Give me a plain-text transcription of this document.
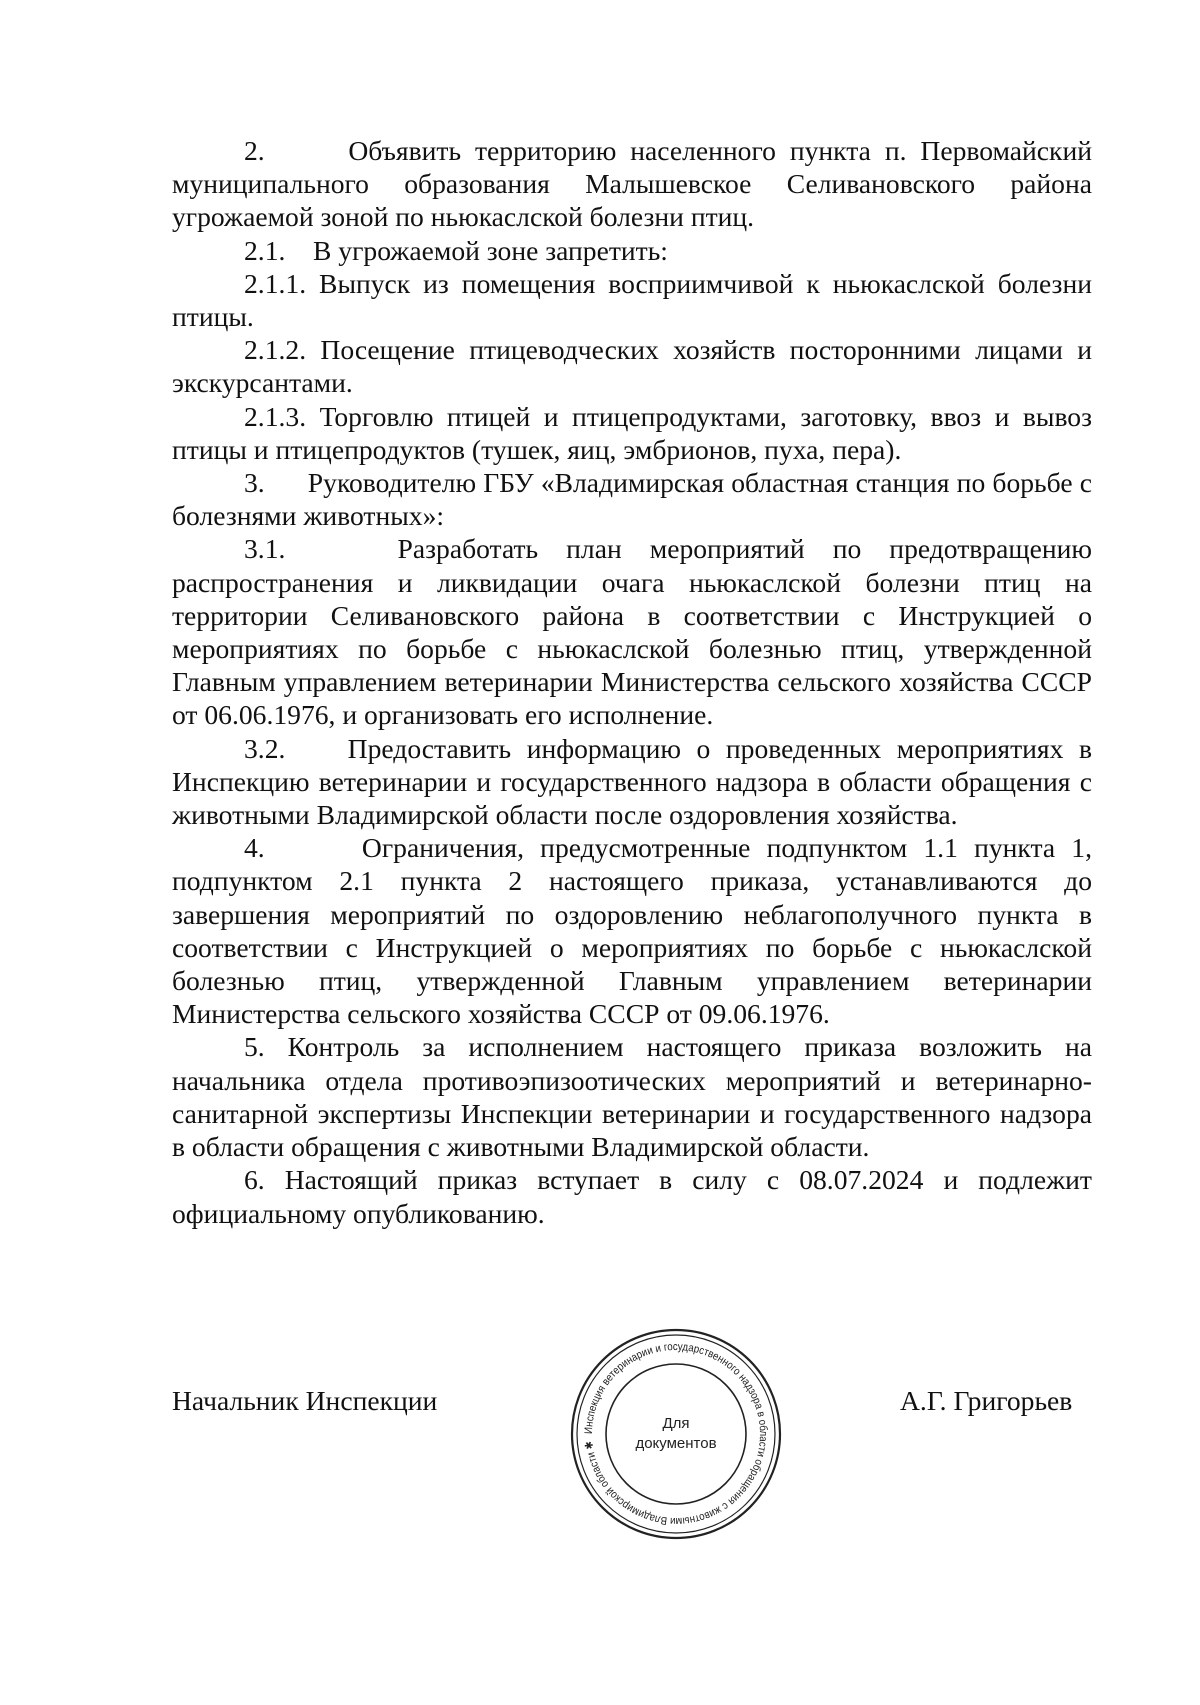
2.      Объявить территорию населенного пункта п. Первомайский муниципального образования Малышевское Селивановского района угрожаемой зоной по ньюкаслской болезни птиц.

2.1.    В угрожаемой зоне запретить:

2.1.1. Выпуск из помещения восприимчивой к ньюкаслской болезни птицы.

2.1.2. Посещение птицеводческих хозяйств посторонними лицами и экскурсантами.

2.1.3. Торговлю птицей и птицепродуктами, заготовку, ввоз и вывоз птицы и птицепродуктов (тушек, яиц, эмбрионов, пуха, пера).

3.      Руководителю ГБУ «Владимирская областная станция по борьбе с болезнями животных»:

3.1.    Разработать план мероприятий по предотвращению распространения и ликвидации очага ньюкаслской болезни птиц на территории Селивановского района в соответствии с Инструкцией о мероприятиях по борьбе с ньюкаслской болезнью птиц, утвержденной Главным управлением ветеринарии Министерства сельского хозяйства СССР от 06.06.1976, и организовать его исполнение.

3.2.    Предоставить информацию о проведенных мероприятиях в Инспекцию ветеринарии и государственного надзора в области обращения с животными Владимирской области после оздоровления хозяйства.

4.      Ограничения, предусмотренные подпунктом 1.1 пункта 1, подпунктом 2.1 пункта 2 настоящего приказа, устанавливаются до завершения мероприятий по оздоровлению неблагополучного пункта в соответствии с Инструкцией о мероприятиях по борьбе с ньюкаслской болезнью птиц, утвержденной Главным управлением ветеринарии Министерства сельского хозяйства СССР от 09.06.1976.

5. Контроль за исполнением настоящего приказа возложить на начальника отдела противоэпизоотических мероприятий и ветеринарно-санитарной экспертизы Инспекции ветеринарии и государственного надзора в области обращения с животными Владимирской области.

6. Настоящий приказ вступает в силу с 08.07.2024 и подлежит официальному опубликованию.

Начальник Инспекции
Инспекция ветеринарии и государственного надзора в области обращения с животными Владимирской области ✱
Для
документов
А.Г. Григорьев
